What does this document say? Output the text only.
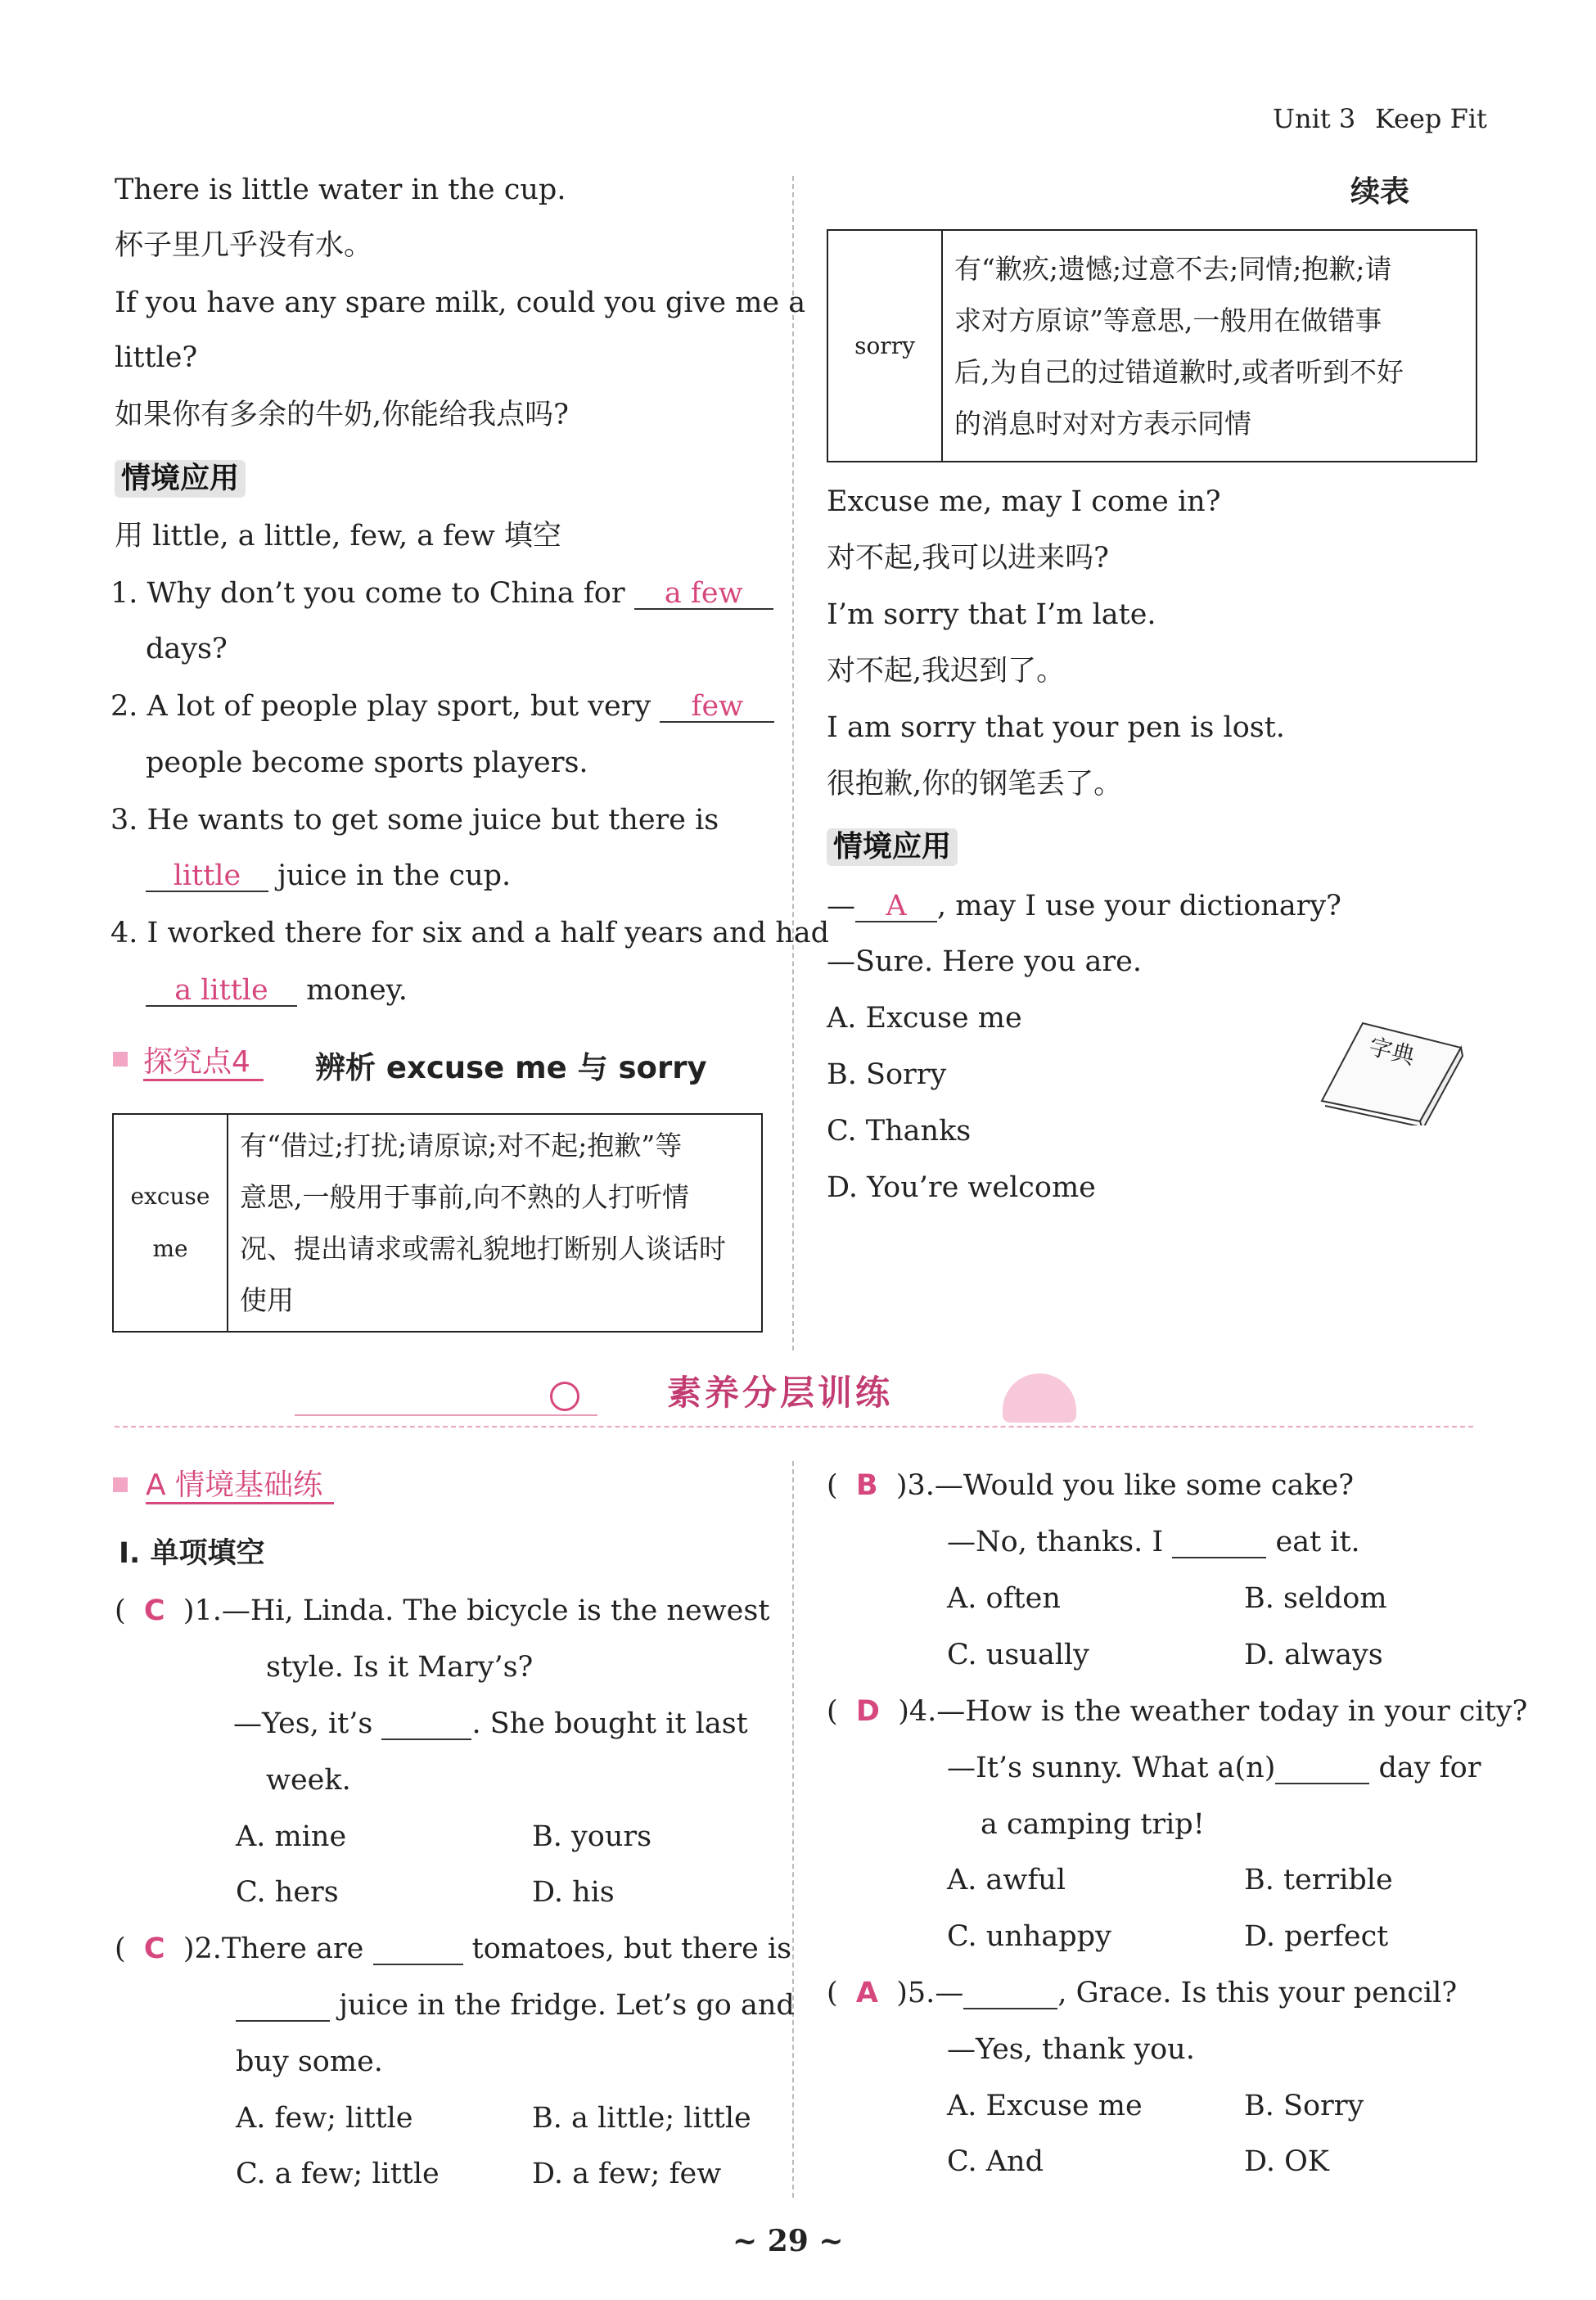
Unit 3 Keep Fit
There is little water in the cup.
杯子里几乎没有水。
If you have any spare milk, could you give me a
little?
如果你有多余的牛奶,你能给我点吗?
情境应用
用 little, a little, few, a few 填空
1. Why don’t you come to China for a few
days?
2. A lot of people play sport, but very few
people become sports players.
3. He wants to get some juice but there is
little juice in the cup.
4. I worked there for six and a half years and had
a little money.
探究点4	辨析 excuse me 与 sorry
excuse
me

有“借过;打扰;请原谅;对不起;抱歉”等
意思,一般用于事前,向不熟的人打听情
况、提出请求或需礼貌地打断别人谈话时
使用
续表
sorry	
有“歉疚;遗憾;过意不去;同情;抱歉;请
求对方原谅”等意思,一般用在做错事
后,为自己的过错道歉时,或者听到不好
的消息时对对方表示同情
Excuse me, may I come in?
对不起,我可以进来吗?
I’m sorry that I’m late.
对不起,我迟到了。
I am sorry that your pen is lost.
很抱歉,你的钢笔丢了。
情境应用
— A , may I use your dictionary?
—Sure. Here you are.
A. Excuse me
B. Sorry
C. Thanks
D. You’re welcome
字典
素养分层训练
A 情境基础练
Ⅰ. 单项填空
(  C  )1.—Hi, Linda. The bicycle is the newest
style. Is it Mary’s?
—Yes, it’s	. She bought it last
week.
A. mine	B. yours
C. hers	D. his
(  C  )2.There are	tomatoes, but there is
juice in the fridge. Let’s go and
buy some.
A. few; little	B. a little; little
C. a few; little	D. a few; few
(  B  )3.—Would you like some cake?
—No, thanks. I	eat it.
A. often	B. seldom
C. usually	D. always
(  D  )4.—How is the weather today in your city?
—It’s sunny. What a(n)	day for
a camping trip!
A. awful	B. terrible
C. unhappy	D. perfect
(  A  )5.—	, Grace. Is this your pencil?
—Yes, thank you.
A. Excuse me	B. Sorry
C. And	D. OK
~ 29 ~
